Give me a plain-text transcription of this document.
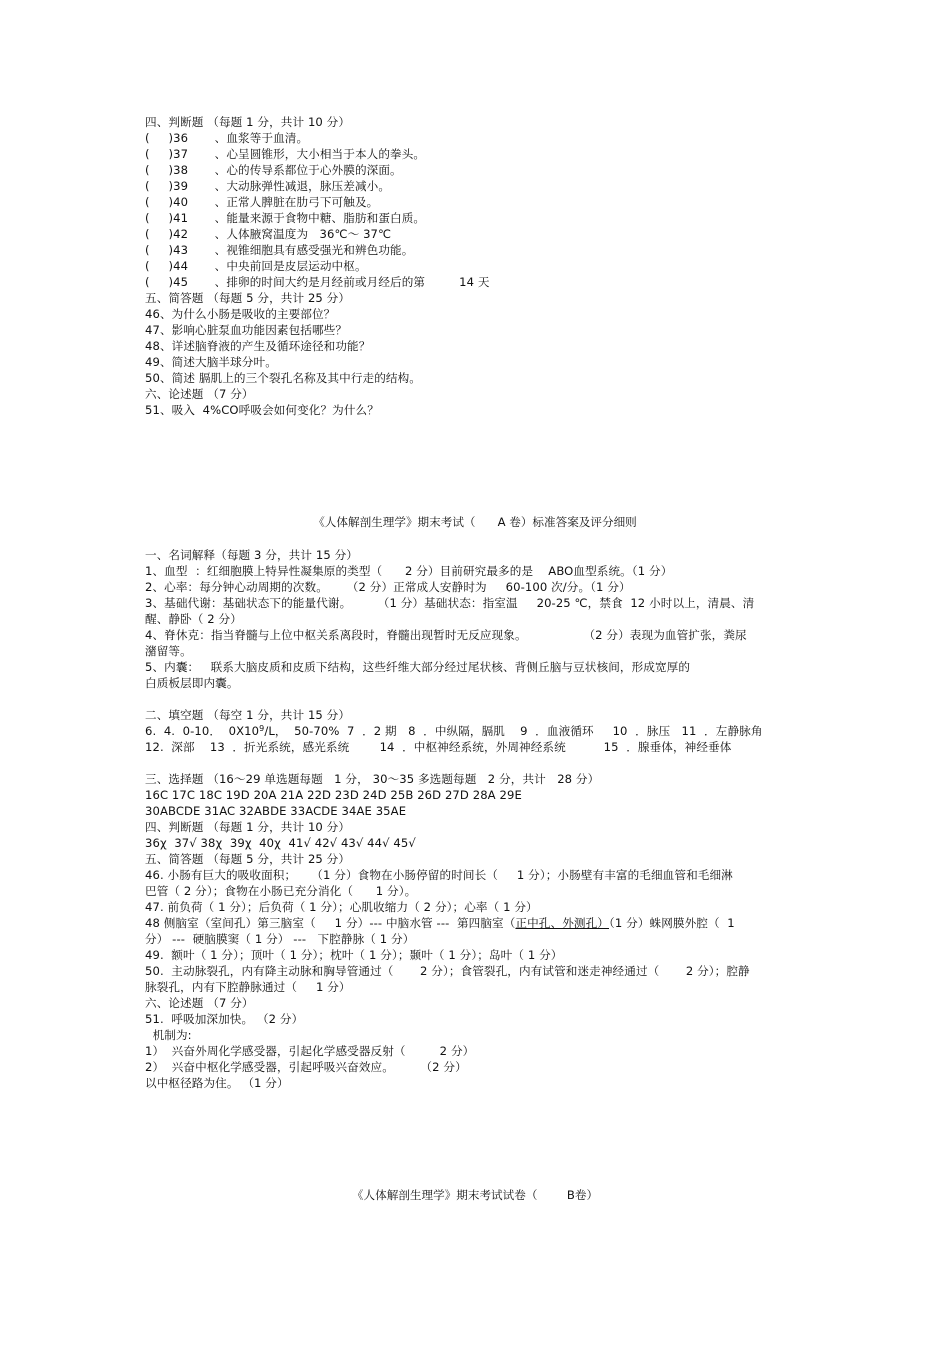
四、判断题 （每题 1 分，共计 10 分）
(     )36       、血浆等于血清。
(     )37       、心呈圆锥形，大小相当于本人的拳头。
(     )38       、心的传导系都位于心外膜的深面。
(     )39       、大动脉弹性减退，脉压差减小。
(     )40       、正常人脾脏在肋弓下可触及。
(     )41       、能量来源于食物中糖、脂肪和蛋白质。
(     )42       、人体腋窝温度为   36℃～ 37℃
(     )43       、视锥细胞具有感受强光和辨色功能。
(     )44       、中央前回是皮层运动中枢。
(     )45       、排卵的时间大约是月经前或月经后的第         14 天
五、简答题 （每题 5 分，共计 25 分）
46、为什么小肠是吸收的主要部位？
47、影响心脏泵血功能因素包括哪些？
48、详述脑脊液的产生及循环途径和功能？
49、简述大脑半球分叶。
50、简述 膈肌上的三个裂孔名称及其中行走的结构。
六、论述题 （7 分）
51、吸入  4%CO呼吸会如何变化？为什么？
《人体解剖生理学》期末考试（      A 卷）标准答案及评分细则
一、名词解释（每题 3 分，共计 15 分）
1、血型  ：红细胞膜上特异性凝集原的类型（      2 分）目前研究最多的是    ABO血型系统。（1 分）
2、心率：每分钟心动周期的次数。     （2 分）正常成人安静时为     60-100 次/分。（1 分）
3、基础代谢：基础状态下的能量代谢。       （1 分）基础状态：指室温     20-25 ℃，禁食  12 小时以上，清晨、清
醒、静卧（ 2 分）
4、脊休克：指当脊髓与上位中枢关系离段时，脊髓出现暂时无反应现象。               （2 分）表现为血管扩张，粪尿
潴留等。
5、内囊：   联系大脑皮质和皮质下结构，这些纤维大部分经过尾状核、背侧丘脑与豆状核间，形成宽厚的
白质板层即内囊。
二、填空题 （每空 1 分，共计 15 分）
6.  4.  0-10．  $0X10^9/L$，  50-70%  7  ．2 期   8  ．中纵隔，膈肌    9  ．血液循环     10  ．脉压   11  ．左静脉角
12.  深部    13  ．折光系统，感光系统        14  ．中枢神经系统，外周神经系统          15  ．腺垂体，神经垂体
三、选择题 （16～29 单选题每题   1 分， 30～35 多选题每题   2 分，共计   28 分）
16C 17C 18C 19D 20A 21A 22D 23D 24D 25B 26D 27D 28A 29E
30ABCDE 31AC 32ABDE 33ACDE 34AE 35AE
四、判断题 （每题 1 分，共计 10 分）
36χ  37√ 38χ  39χ  40χ  41√ 42√ 43√ 44√ 45√
五、简答题 （每题 5 分，共计 25 分）
46. 小肠有巨大的吸收面积；    （1 分）食物在小肠停留的时间长（     1 分）；小肠壁有丰富的毛细血管和毛细淋
巴管（ 2 分）；食物在小肠已充分消化（      1 分）。
47. 前负荷（ 1 分）；后负荷（ 1 分）；心肌收缩力（ 2 分）；心率（ 1 分）
48 侧脑室（室间孔）第三脑室（     1 分）--- 中脑水管 ---  第四脑室（正中孔、外测孔）（1 分）蛛网膜外腔（  1
分） ---  硬脑膜窦（ 1 分） ---   下腔静脉（ 1 分）
49.  额叶（ 1 分）；顶叶（ 1 分）；枕叶（ 1 分）；颞叶（ 1 分）；岛叶（ 1 分）
50.  主动脉裂孔，内有降主动脉和胸导管通过（       2 分）；食管裂孔，内有试管和迷走神经通过（       2 分）；腔静
脉裂孔，内有下腔静脉通过（     1 分）
六、论述题 （7 分）
51.  呼吸加深加快。 （2 分）
机制为:
1）  兴奋外周化学感受器，引起化学感受器反射（         2 分）
2）  兴奋中枢化学感受器，引起呼吸兴奋效应。       （2 分）
以中枢径路为住。 （1 分）
《人体解剖生理学》期末考试试卷（        B卷）
